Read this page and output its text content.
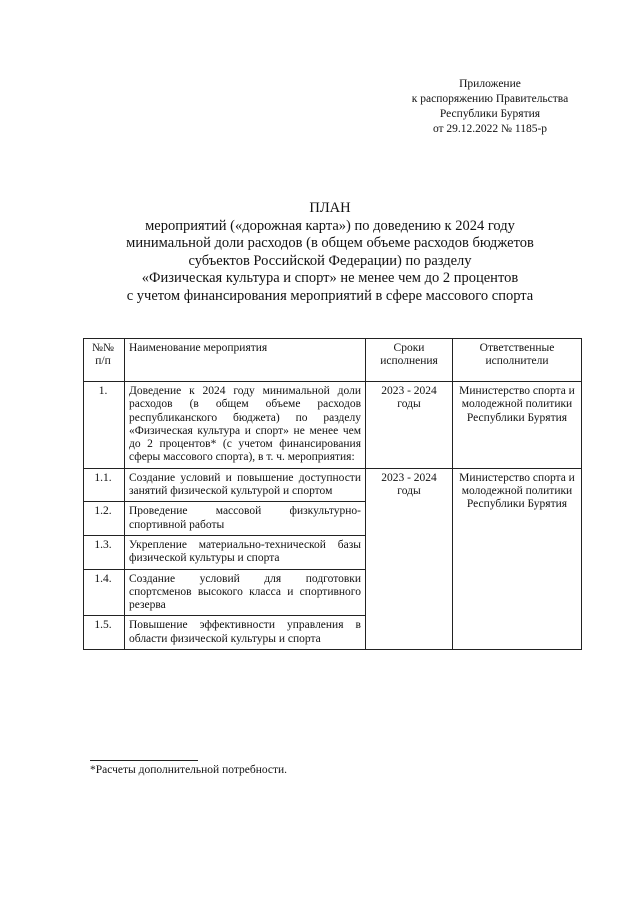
Приложение
к распоряжению Правительства
Республики Бурятия
от 29.12.2022 № 1185-р
ПЛАН
мероприятий («дорожная карта») по доведению к 2024 году
минимальной доли расходов (в общем объеме расходов бюджетов
субъектов Российской Федерации) по разделу
«Физическая культура и спорт» не менее чем до 2 процентов
с учетом финансирования мероприятий в сфере массового спорта
№№ п/п	Наименование мероприятия	Сроки исполнения	Ответственные исполнители
1.	Доведение к 2024 году минимальной доли расходов (в общем объеме расходов республиканского бюджета) по разделу «Физическая культура и спорт» не менее чем до 2 процентов* (с учетом финансирования сферы массового спорта), в т. ч. мероприятия:	2023 - 2024 годы	Министерство спорта и молодежной политики Республики Бурятия
1.1.	Создание условий и повышение доступности занятий физической культурой и спортом	2023 - 2024 годы	Министерство спорта и молодежной политики Республики Бурятия
1.2.	Проведение массовой физкультурно-спортивной работы		
1.3.	Укрепление материально-технической базы физической культуры и спорта		
1.4.	Создание условий для подготовки спортсменов высокого класса и спортивного резерва		
1.5.	Повышение эффективности управления в области физической культуры и спорта		
*Расчеты дополнительной потребности.
